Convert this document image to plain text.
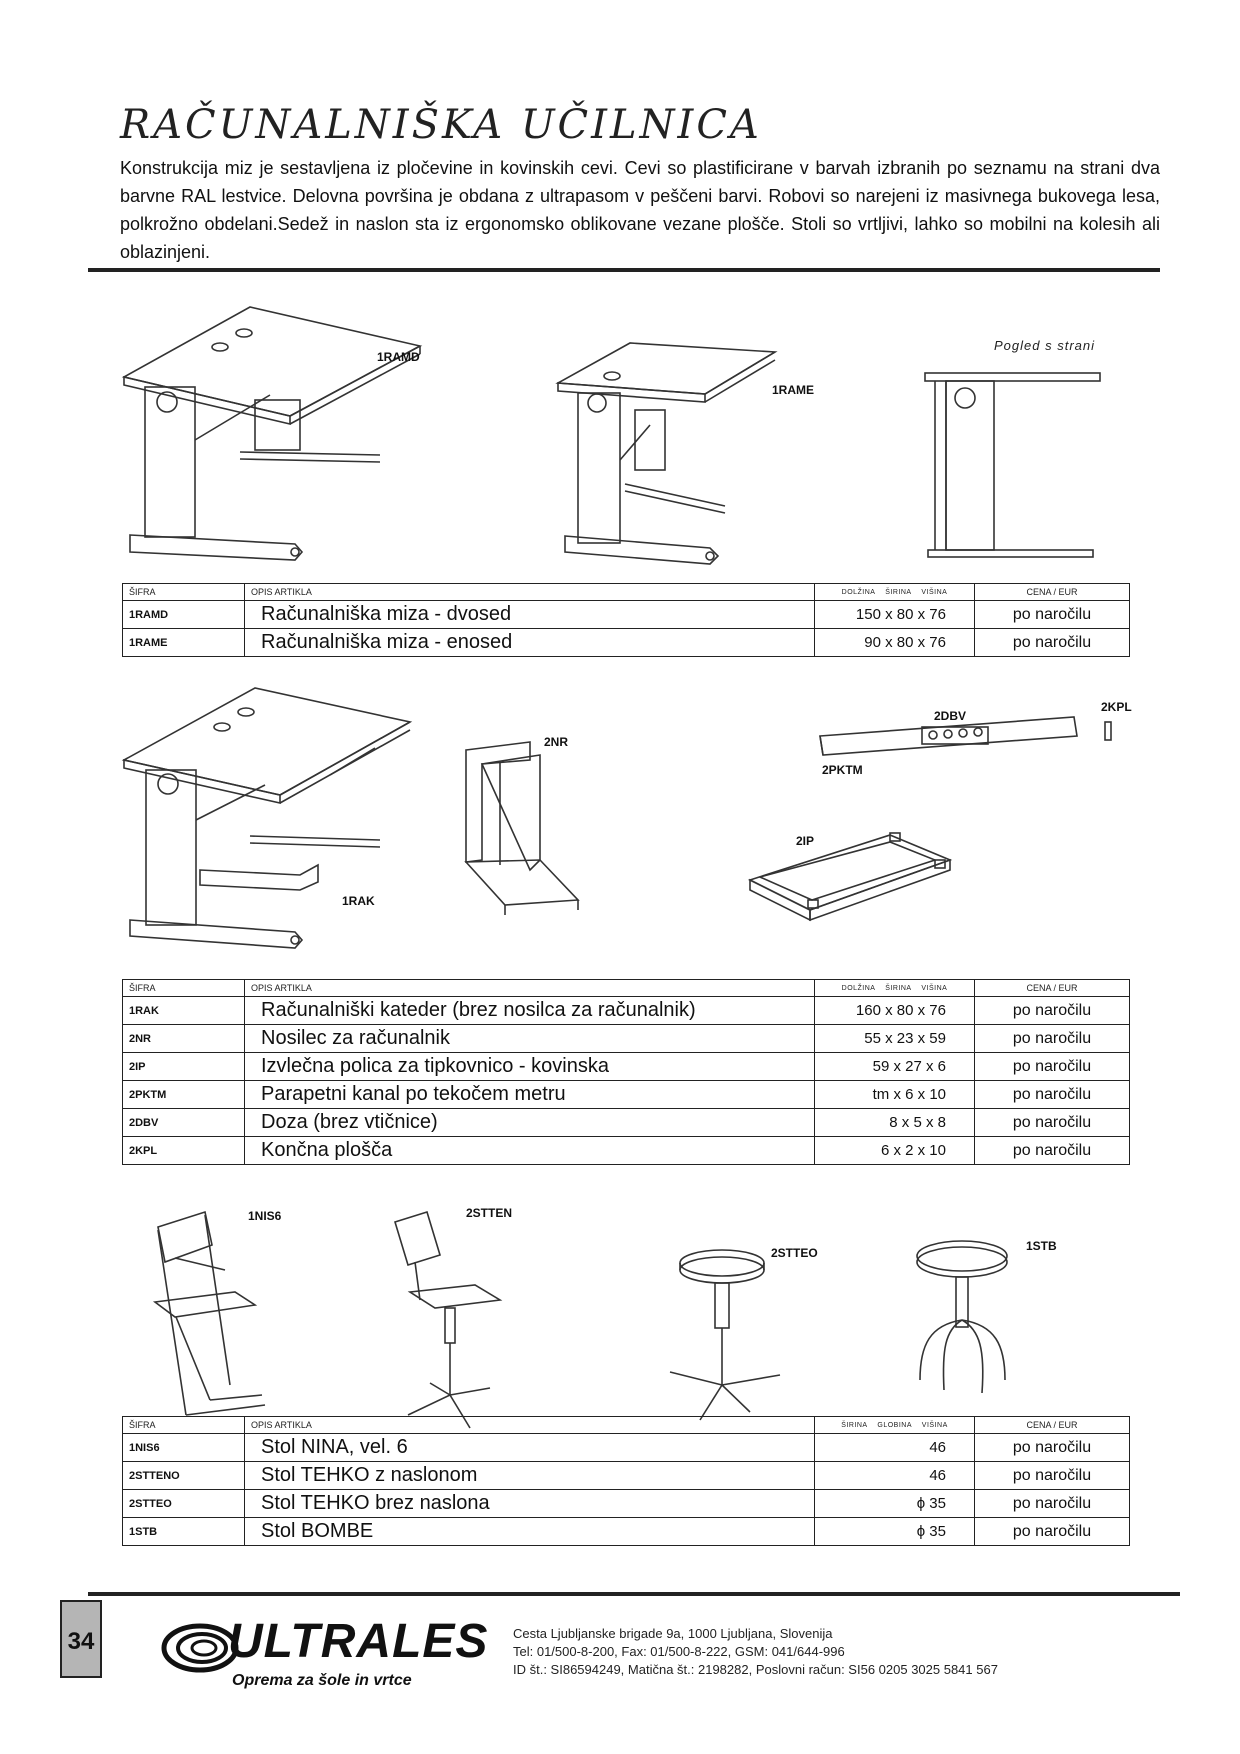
RAČUNALNIŠKA UČILNICA
Konstrukcija miz je sestavljena iz pločevine in kovinskih cevi. Cevi so plastificirane v barvah izbranih po seznamu na strani dva barvne RAL lestvice. Delovna površina je obdana z ultrapasom v peščeni barvi. Robovi so narejeni iz masivnega bukovega lesa, polkrožno obdelani.Sedež in naslon sta iz ergonomsko oblikovane vezane plošče. Stoli so vrtljivi, lahko so mobilni na kolesih ali oblazinjeni.
1RAMD
1RAME
Pogled s strani
ŠIFRA	OPIS ARTIKLA	DOLŽINA ŠIRINA VIŠINA	CENA / EUR
1RAMD	Računalniška miza - dvosed	150 x 80 x 76	po naročilu
1RAME	Računalniška miza - enosed	90 x 80 x 76	po naročilu
1RAK
2NR
2DBV
2KPL
2PKTM
2IP
ŠIFRA	OPIS ARTIKLA	DOLŽINA ŠIRINA VIŠINA	CENA / EUR
1RAK	Računalniški kateder (brez nosilca za računalnik)	160 x 80 x 76	po naročilu
2NR	Nosilec za računalnik	55 x 23 x 59	po naročilu
2IP	Izvlečna polica za tipkovnico - kovinska	59 x 27 x 6	po naročilu
2PKTM	Parapetni kanal po tekočem metru	tm x 6 x 10	po naročilu
2DBV	Doza (brez vtičnice)	8 x 5 x 8	po naročilu
2KPL	Končna plošča	6 x 2 x 10	po naročilu
1NIS6	2STTEN
2STTEO	1STB
ŠIFRA	OPIS ARTIKLA	ŠIRINA GLOBINA VIŠINA	CENA / EUR
1NIS6	Stol NINA, vel. 6	46	po naročilu
2STTENO	Stol TEHKO z naslonom	46	po naročilu
2STTEO	Stol TEHKO brez naslona	ϕ 35	po naročilu
1STB	Stol BOMBE	ϕ 35	po naročilu
34	ULTRALES
Oprema za šole in vrtce
Cesta Ljubljanske brigade 9a, 1000 Ljubljana, Slovenija
Tel: 01/500-8-200, Fax: 01/500-8-222, GSM: 041/644-996
ID št.: SI86594249, Matična št.: 2198282, Poslovni račun: SI56 0205 3025 5841 567
